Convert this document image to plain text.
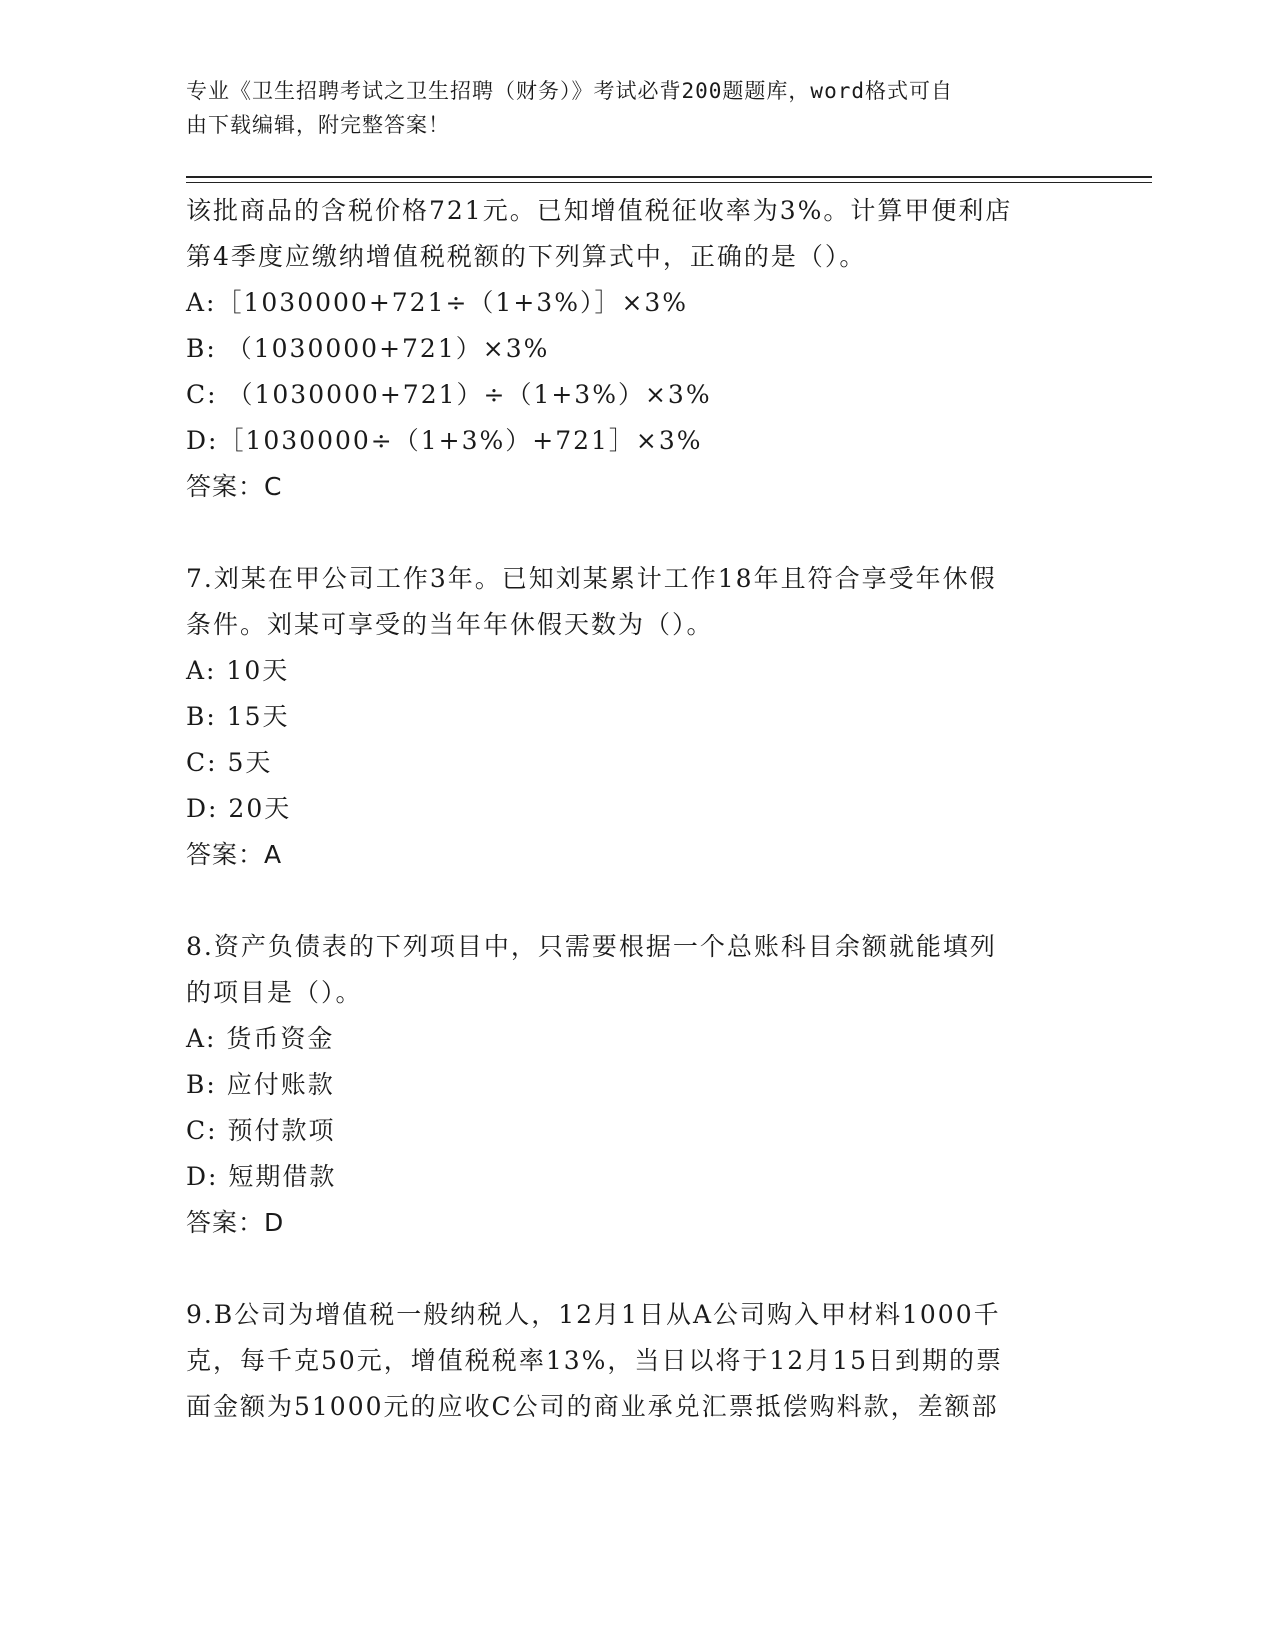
专业《卫生招聘考试之卫生招聘（财务）》考试必背200题题库，word格式可自
由下载编辑，附完整答案！
该批商品的含税价格721元。已知增值税征收率为3%。计算甲便利店
第4季度应缴纳增值税税额的下列算式中，正确的是（）。
A:［1030000+721÷（1+3%）］×3%
B: （1030000+721）×3%
C: （1030000+721）÷（1+3%）×3%
D:［1030000÷（1+3%）+721］×3%
答案：C
7.刘某在甲公司工作3年。已知刘某累计工作18年且符合享受年休假
条件。刘某可享受的当年年休假天数为（）。
A: 10天
B: 15天
C: 5天
D: 20天
答案：A
8.资产负债表的下列项目中，只需要根据一个总账科目余额就能填列
的项目是（）。
A: 货币资金
B: 应付账款
C: 预付款项
D: 短期借款
答案：D
9.B公司为增值税一般纳税人，12月1日从A公司购入甲材料1000千
克，每千克50元，增值税税率13%，当日以将于12月15日到期的票
面金额为51000元的应收C公司的商业承兑汇票抵偿购料款，差额部
